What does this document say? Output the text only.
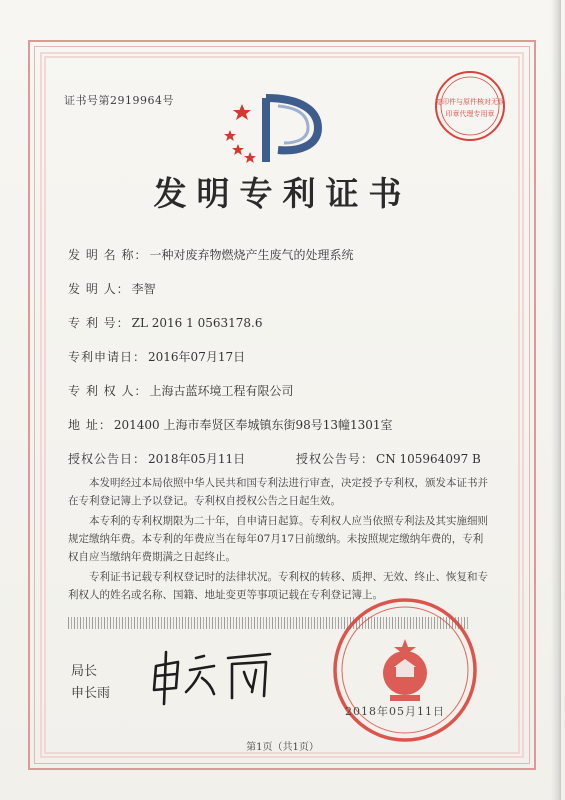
证书号第2919964号	复印件与原件核对无误
印章代理专用章
发明专利证书
发 明 名 称： 一种对废弃物燃烧产生废气的处理系统
发 明 人： 李智
专 利 号： ZL 2016 1 0563178.6
专利申请日： 2016年07月17日
专 利 权 人： 上海古蓝环境工程有限公司
地 址： 201400 上海市奉贤区奉城镇东街98号13幢1301室
授权公告日： 2018年05月11日	授权公告号： CN 105964097 B
本发明经过本局依照中华人民共和国专利法进行审查，决定授予专利权，颁发本证书并在专利登记簿上予以登记。专利权自授权公告之日起生效。
本专利的专利权期限为二十年，自申请日起算。专利权人应当依照专利法及其实施细则规定缴纳年费。本专利的年费应当在每年07月17日前缴纳。未按照规定缴纳年费的，专利权自应当缴纳年费期满之日起终止。
专利证书记载专利权登记时的法律状况。专利权的转移、质押、无效、终止、恢复和专利权人的姓名或名称、国籍、地址变更等事项记载在专利登记簿上。
局长
申长雨
2018年05月11日
第1页（共1页）
